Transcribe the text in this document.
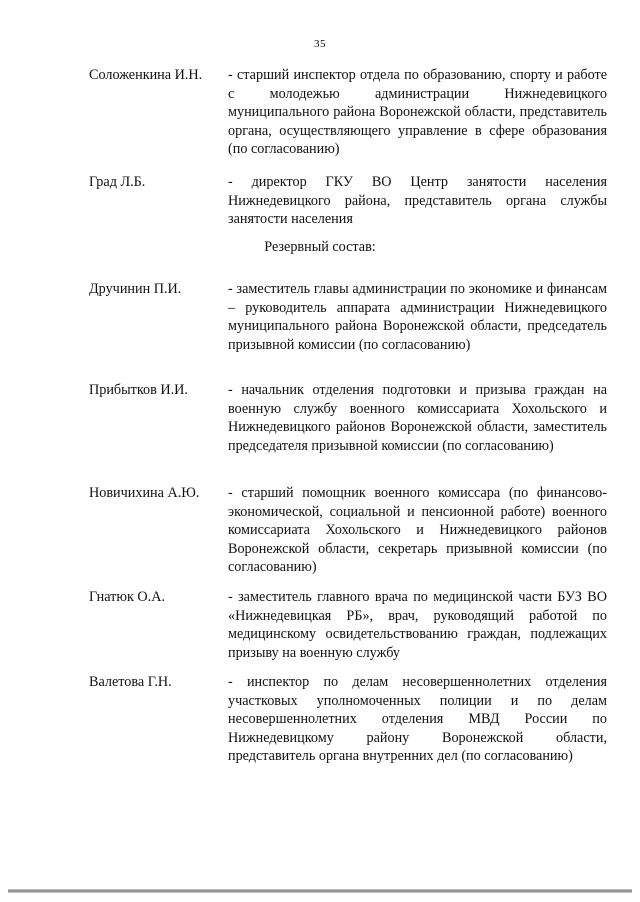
35
Соложенкина И.Н.	- старший инспектор отдела по образованию, спорту и работе с молодежью администрации Нижнедевицкого муниципального района Воронежской области, представитель органа, осуществляющего управление в сфере образования (по согласованию)
Град Л.Б.	- директор ГКУ ВО Центр занятости населения Нижнедевицкого района, представитель органа службы занятости населения
Резервный состав:
Дручинин П.И.	- заместитель главы администрации по экономике и финансам – руководитель аппарата администрации Нижнедевицкого муниципального района Воронежской области, председатель призывной комиссии (по согласованию)
Прибытков И.И.	- начальник отделения подготовки и призыва граждан на военную службу военного комиссариата Хохольского и Нижнедевицкого районов Воронежской области, заместитель председателя призывной комиссии (по согласованию)
Новичихина А.Ю.	- старший помощник военного комиссара (по финансово-экономической, социальной и пенсионной работе) военного комиссариата Хохольского и Нижнедевицкого районов Воронежской области, секретарь призывной комиссии (по согласованию)
Гнатюк О.А.	- заместитель главного врача по медицинской части БУЗ ВО «Нижнедевицкая РБ», врач, руководящий работой по медицинскому освидетельствованию граждан, подлежащих призыву на военную службу
Валетова Г.Н.	- инспектор по делам несовершеннолетних отделения участковых уполномоченных полиции и по делам несовершеннолетних отделения МВД России по Нижнедевицкому району Воронежской области, представитель органа внутренних дел (по согласованию)
